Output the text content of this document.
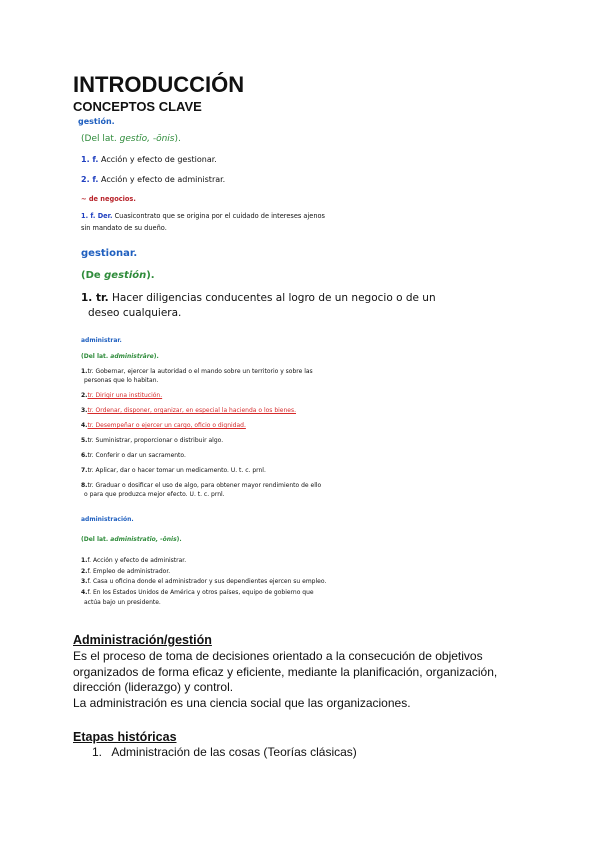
INTRODUCCIÓN
CONCEPTOS CLAVE
gestión.
(Del lat. gestĭo, -ōnis).
1. f. Acción y efecto de gestionar.
2. f. Acción y efecto de administrar.
~ de negocios.
1. f. Der. Cuasicontrato que se origina por el cuidado de intereses ajenos
sin mandato de su dueño.
gestionar.
(De gestión).
1. tr. Hacer diligencias conducentes al logro de un negocio o de un
deseo cualquiera.
administrar.
(Del lat. administrāre).
1.tr. Gobernar, ejercer la autoridad o el mando sobre un territorio y sobre las
personas que lo habitan.
2.tr. Dirigir una institución.
3.tr. Ordenar, disponer, organizar, en especial la hacienda o los bienes.
4.tr. Desempeñar o ejercer un cargo, oficio o dignidad.
5.tr. Suministrar, proporcionar o distribuir algo.
6.tr. Conferir o dar un sacramento.
7.tr. Aplicar, dar o hacer tomar un medicamento. U. t. c. prnl.
8.tr. Graduar o dosificar el uso de algo, para obtener mayor rendimiento de ello
o para que produzca mejor efecto. U. t. c. prnl.
administración.
(Del lat. administratĭo, -ōnis).
1.f. Acción y efecto de administrar.
2.f. Empleo de administrador.
3.f. Casa u oficina donde el administrador y sus dependientes ejercen su empleo.
4.f. En los Estados Unidos de América y otros países, equipo de gobierno que
actúa bajo un presidente.
Administración/gestión
Es el proceso de toma de decisiones orientado a la consecución de objetivos
organizados de forma eficaz y eficiente, mediante la planificación, organización,
dirección (liderazgo) y control.
La administración es una ciencia social que las organizaciones.
Etapas históricas
1. Administración de las cosas (Teorías clásicas)
